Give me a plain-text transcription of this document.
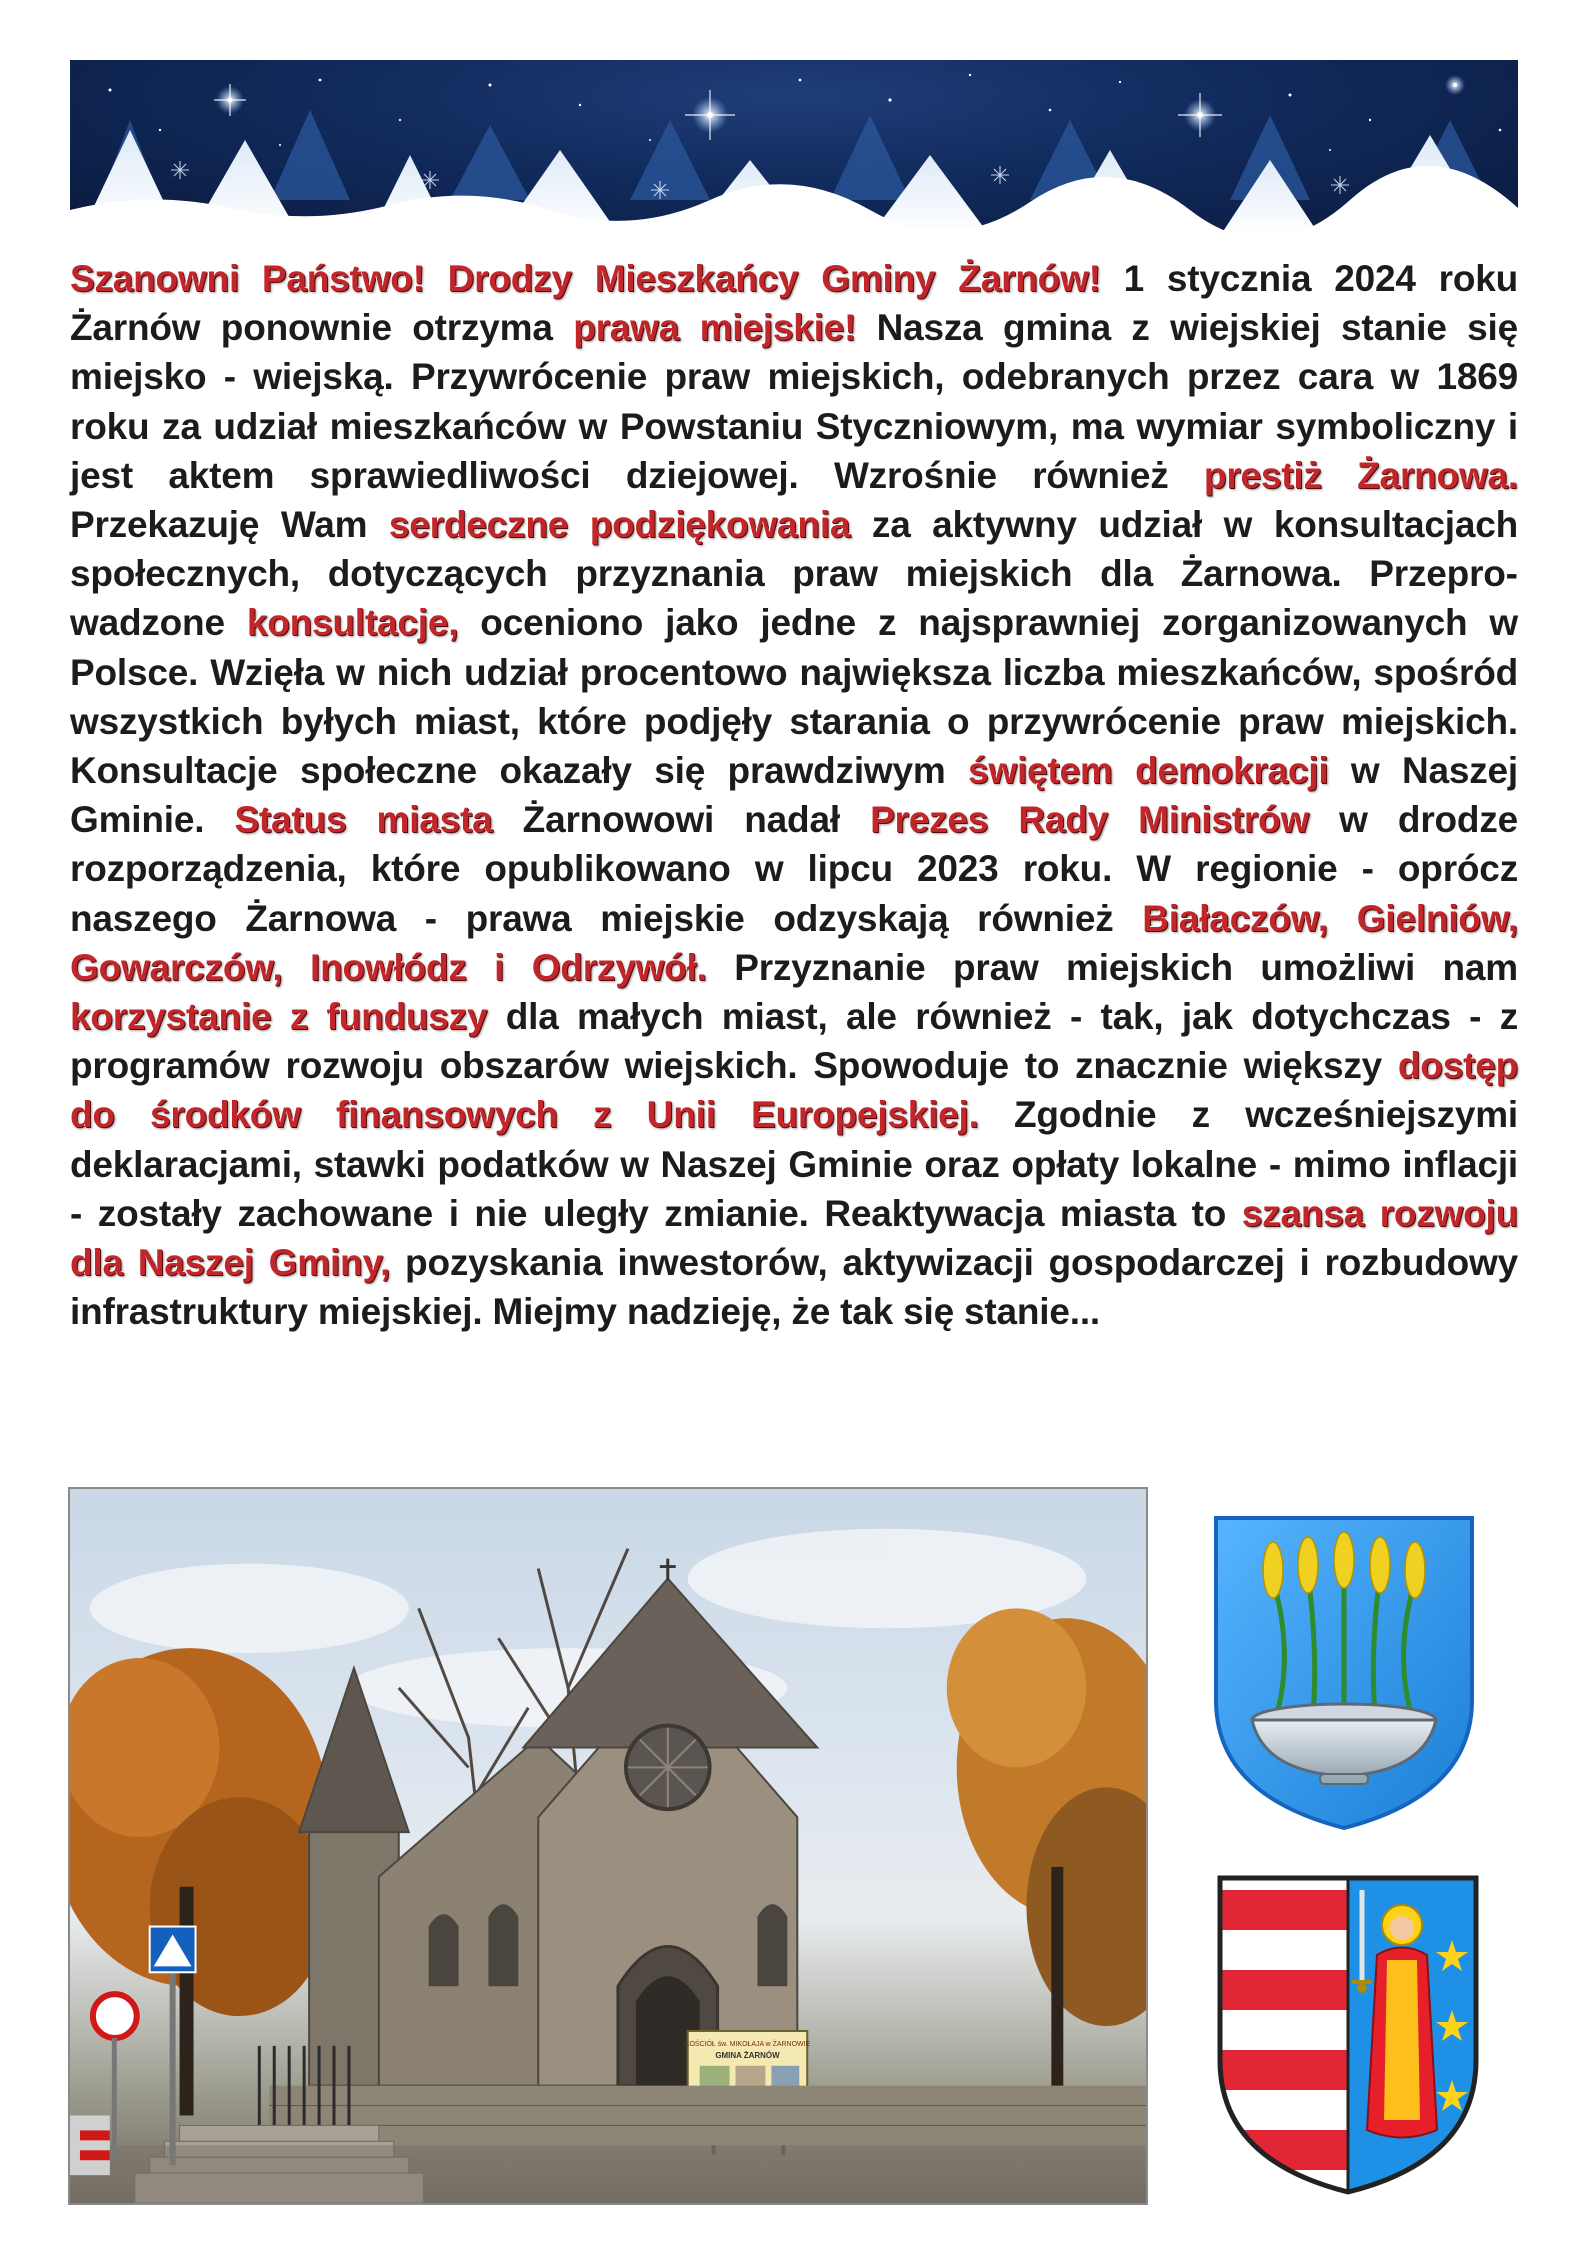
Szanowni Państwo! Drodzy Mieszkańcy Gminy Żarnów! 1 stycznia 2024 roku Żarnów ponownie otrzyma prawa miejskie! Nasza gmina z wiejskiej stanie się miejsko - wiejską. Przywrócenie praw miejskich, odebranych przez cara w 1869 roku za udział mieszkańców w Powstaniu Styczniowym, ma wymiar symboliczny i jest aktem sprawiedliwości dziejowej. Wzrośnie również prestiż Żarnowa. Przekazuję Wam serdeczne podziękowania za aktywny udział w konsultacjach społecznych, dotyczących przyznania praw miejskich dla Żarnowa. Przeprowadzone konsultacje, oceniono jako jedne z najsprawniej zorganizowanych w Polsce. Wzięła w nich udział procentowo największa liczba mieszkańców, spośród wszystkich byłych miast, które podjęły starania o przywrócenie praw miejskich. Konsultacje społeczne okazały się prawdziwym świętem demokracji w Naszej Gminie. Status miasta Żarnowowi nadał Prezes Rady Ministrów w drodze rozporządzenia, które opublikowano w lipcu 2023 roku. W regionie - oprócz naszego Żarnowa - prawa miejskie odzyskają również Białaczów, Gielniów, Gowarczów, Inowłódz i Odrzywół. Przyznanie praw miejskich umożliwi nam korzystanie z funduszy dla małych miast, ale również - tak, jak dotychczas - z programów rozwoju obszarów wiejskich. Spowoduje to znacznie większy dostęp do środków finansowych z Unii Europejskiej. Zgodnie z wcześniejszymi deklaracjami, stawki podatków w Naszej Gminie oraz opłaty lokalne - mimo inflacji - zostały zachowane i nie uległy zmianie. Reaktywacja miasta to szansa rozwoju dla Naszej Gminy, pozyskania inwestorów, aktywizacji gospodarczej i rozbudowy infrastruktury miejskiej. Miejmy nadzieję, że tak się stanie...
KOŚCIÓŁ św. MIKOŁAJA w ŻARNOWIE
GMINA ŻARNÓW
